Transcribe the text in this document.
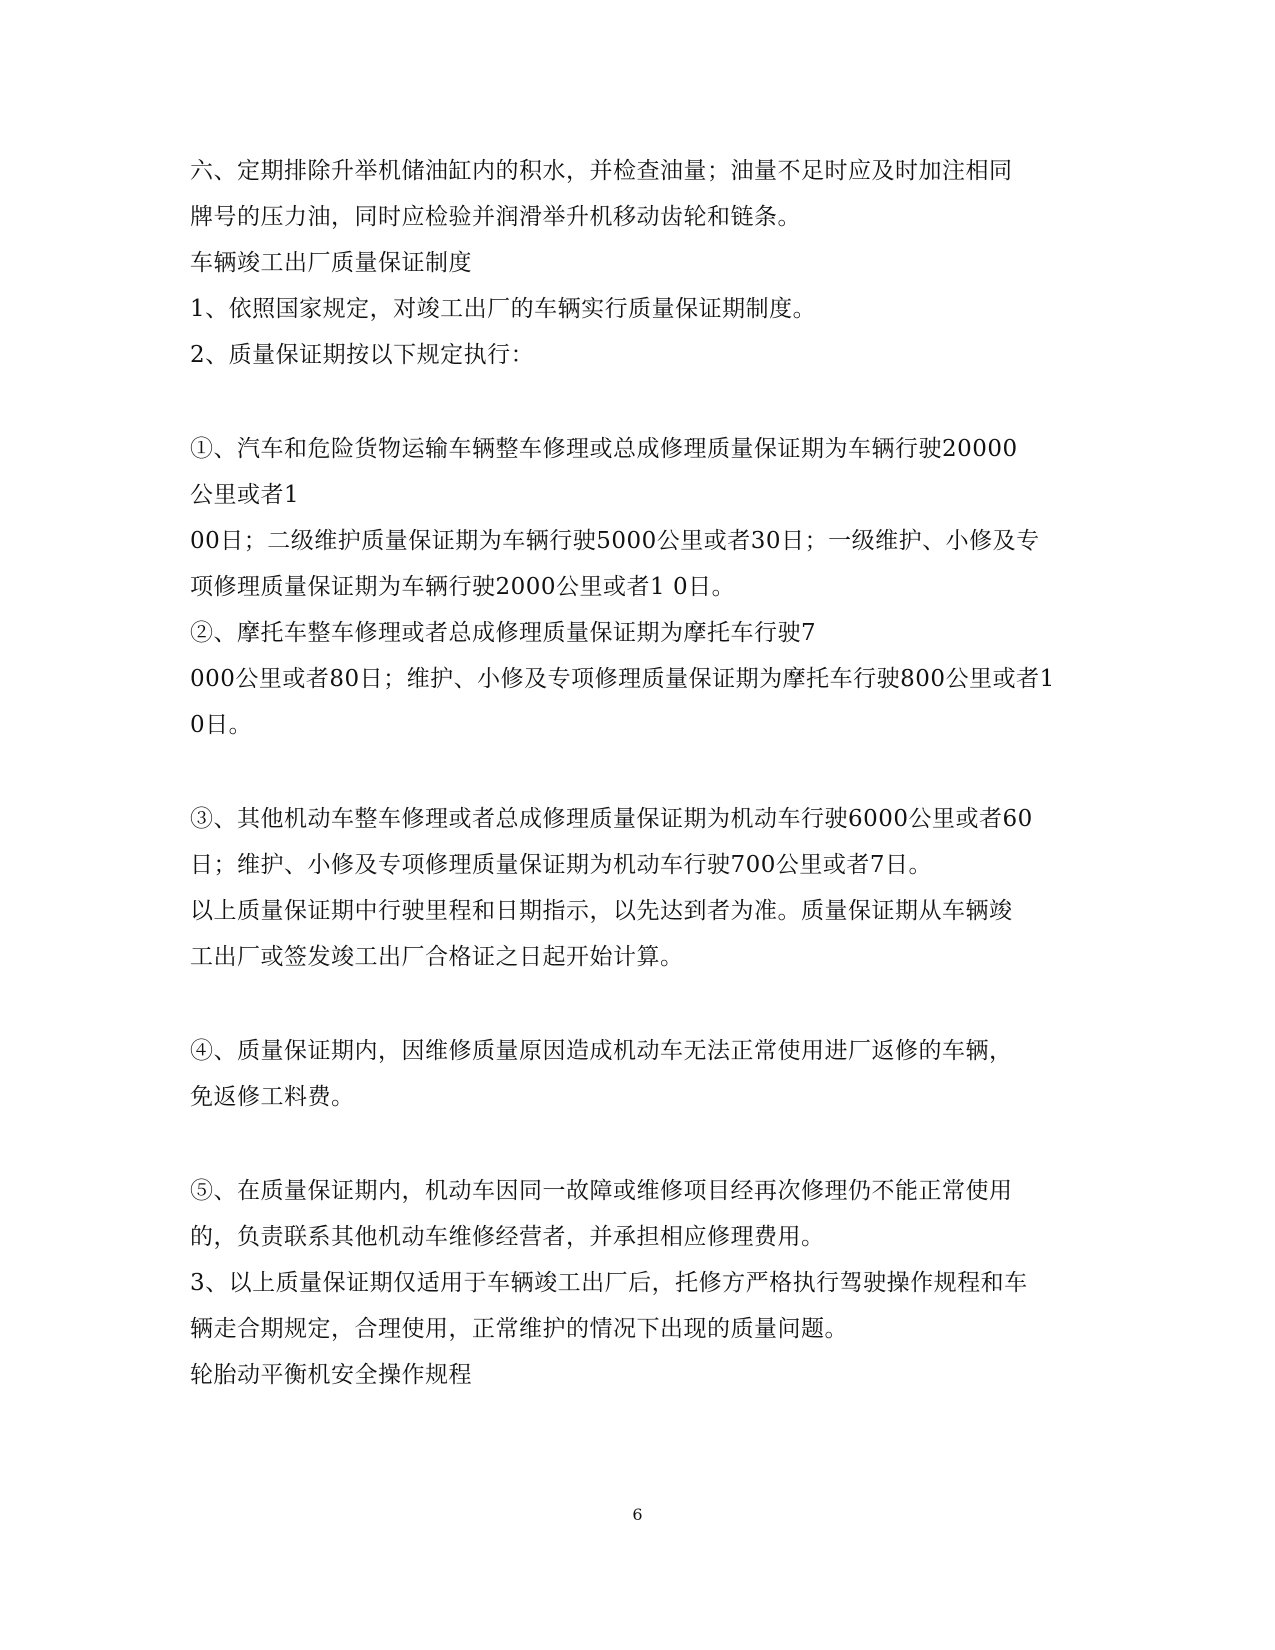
六、定期排除升举机储油缸内的积水，并检查油量；油量不足时应及时加注相同
牌号的压力油，同时应检验并润滑举升机移动齿轮和链条。
车辆竣工出厂质量保证制度
1、依照国家规定，对竣工出厂的车辆实行质量保证期制度。
2、质量保证期按以下规定执行：
①、汽车和危险货物运输车辆整车修理或总成修理质量保证期为车辆行驶20000
公里或者1
00日；二级维护质量保证期为车辆行驶5000公里或者30日；一级维护、小修及专
项修理质量保证期为车辆行驶2000公里或者1 0日。
②、摩托车整车修理或者总成修理质量保证期为摩托车行驶7
000公里或者80日；维护、小修及专项修理质量保证期为摩托车行驶800公里或者1
0日。
③、其他机动车整车修理或者总成修理质量保证期为机动车行驶6000公里或者60
日；维护、小修及专项修理质量保证期为机动车行驶700公里或者7日。
以上质量保证期中行驶里程和日期指示，以先达到者为准。质量保证期从车辆竣
工出厂或签发竣工出厂合格证之日起开始计算。
④、质量保证期内，因维修质量原因造成机动车无法正常使用进厂返修的车辆，
免返修工料费。
⑤、在质量保证期内，机动车因同一故障或维修项目经再次修理仍不能正常使用
的，负责联系其他机动车维修经营者，并承担相应修理费用。
3、以上质量保证期仅适用于车辆竣工出厂后，托修方严格执行驾驶操作规程和车
辆走合期规定，合理使用，正常维护的情况下出现的质量问题。
轮胎动平衡机安全操作规程
6
